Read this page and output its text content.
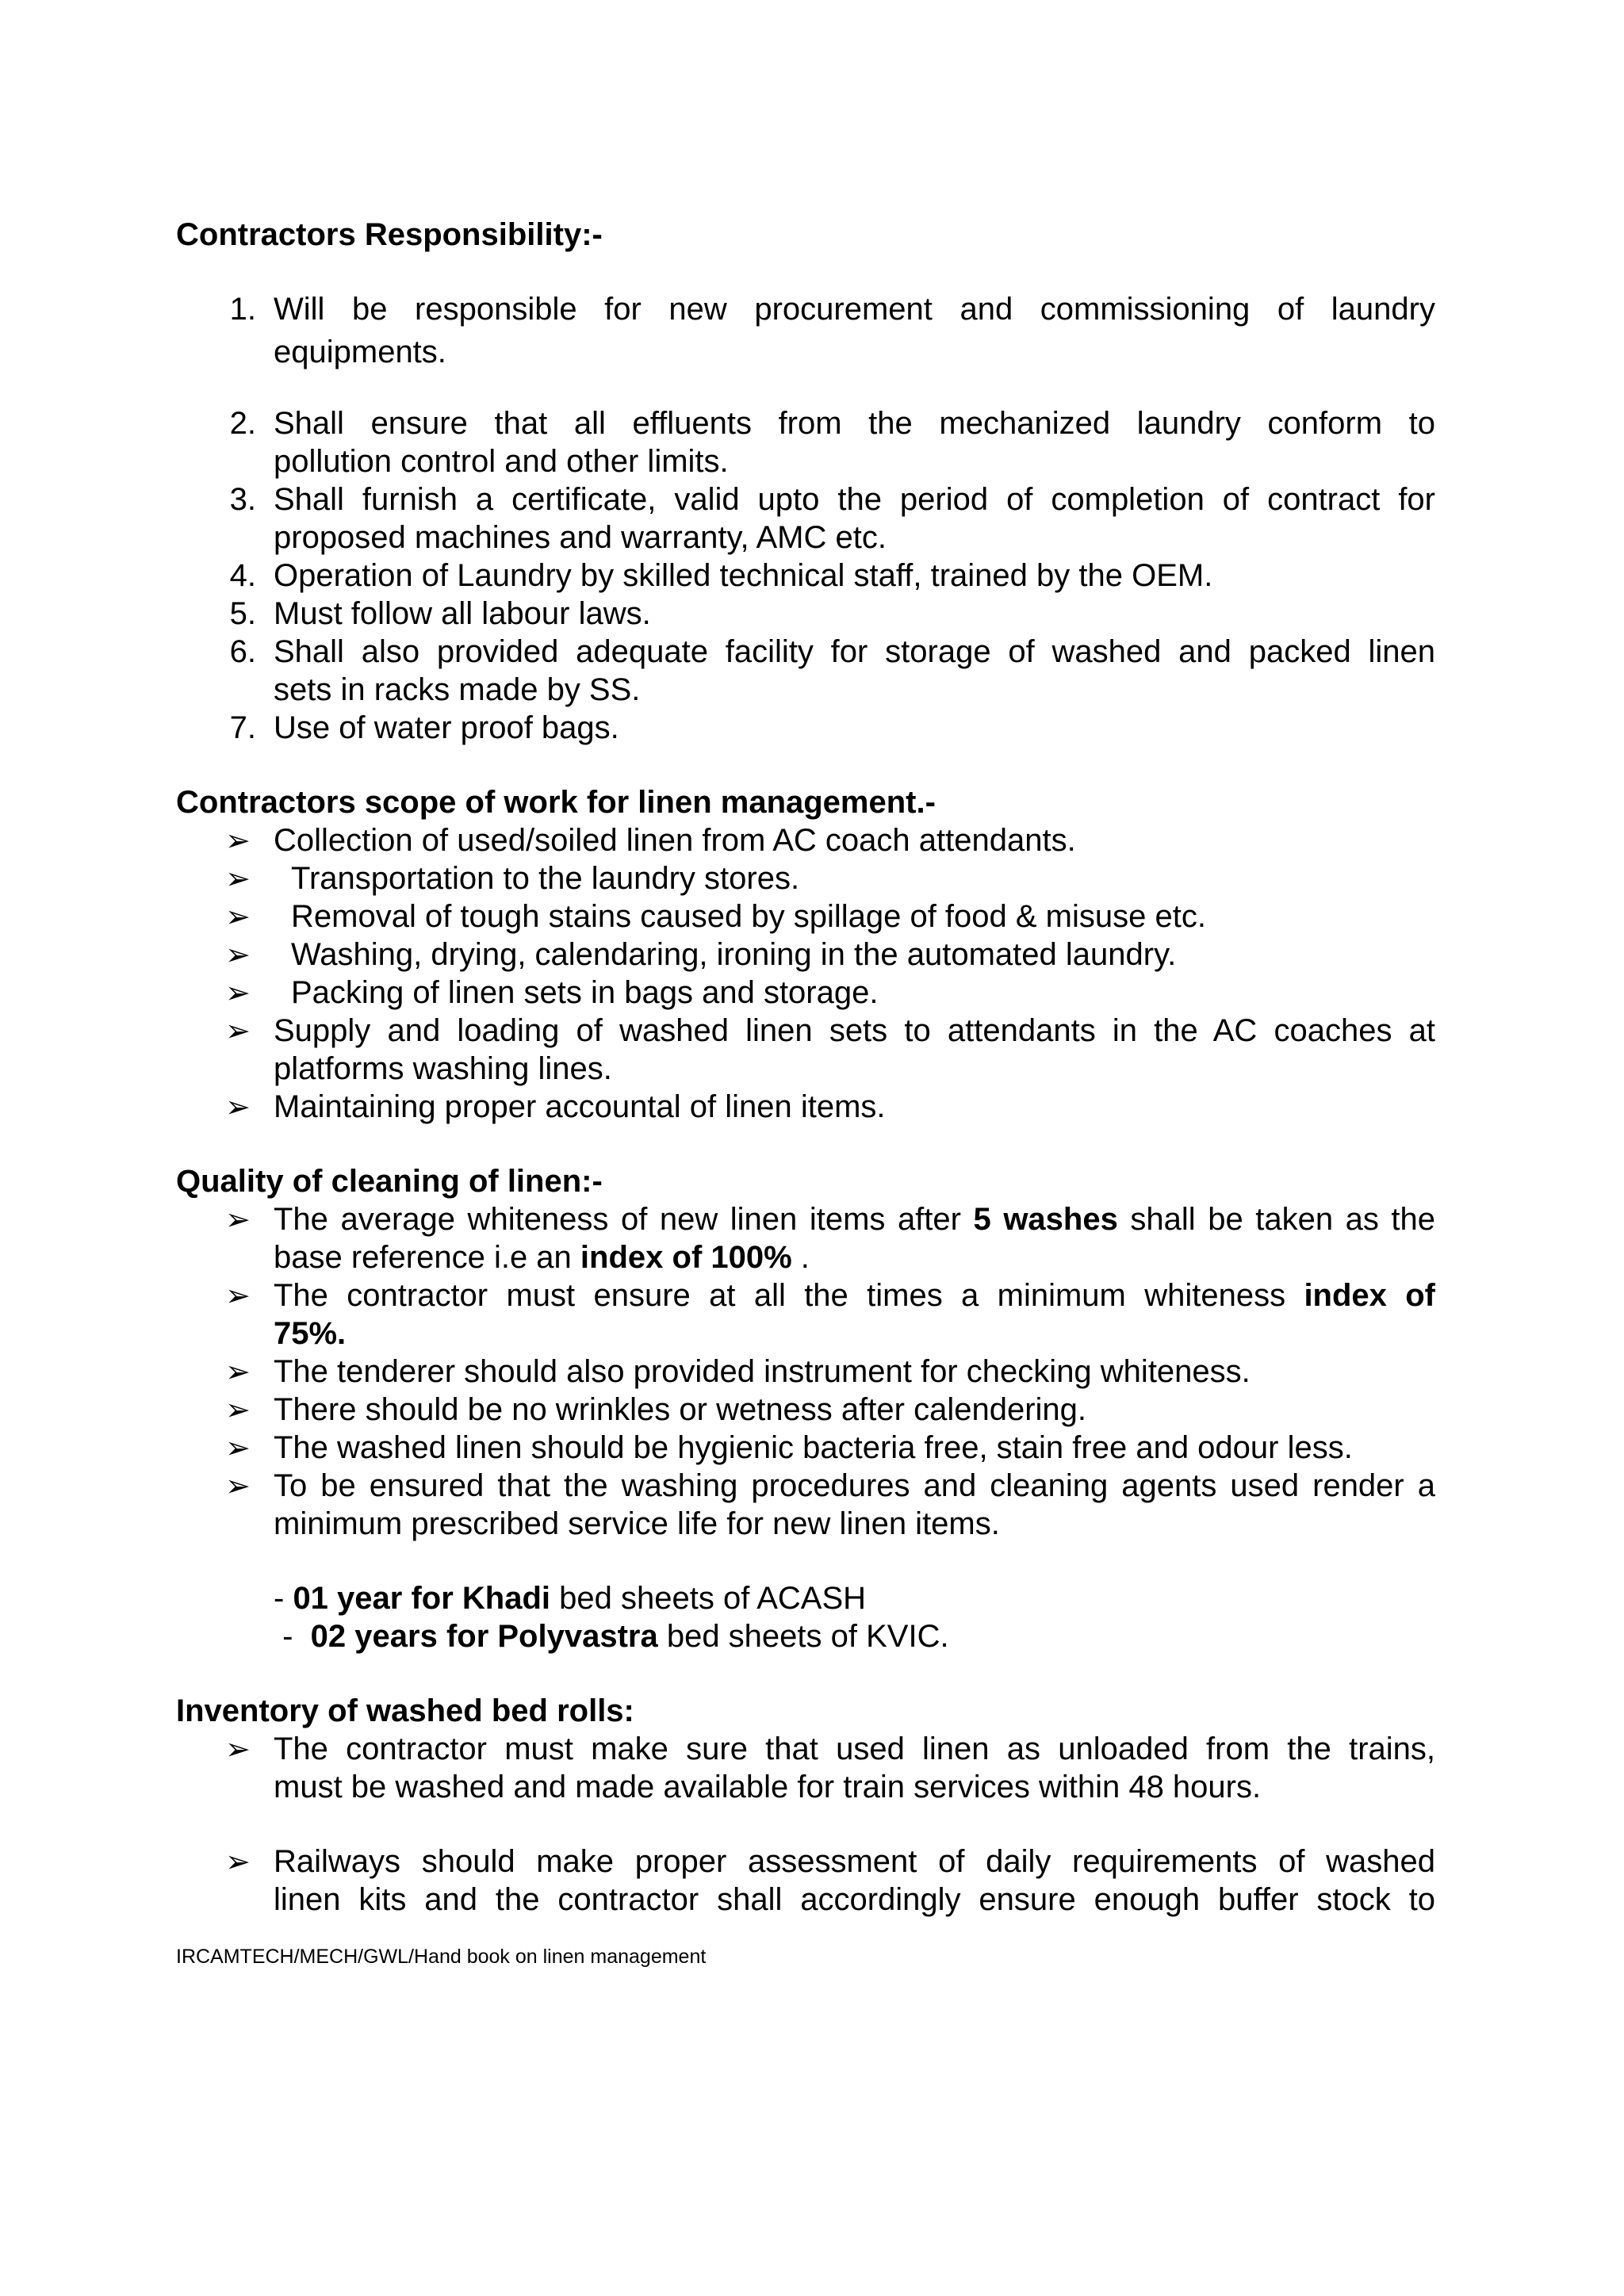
Contractors Responsibility:-
1. Will be responsible for new procurement and commissioning of laundry
equipments.
2. Shall ensure that all effluents from the mechanized laundry conform to
pollution control and other limits.
3. Shall furnish a certificate, valid upto the period of completion of contract for
proposed machines and warranty, AMC etc.
4. Operation of Laundry by skilled technical staff, trained by the OEM.
5. Must follow all labour laws.
6. Shall also provided adequate facility for storage of washed and packed linen
sets in racks made by SS.
7. Use of water proof bags.
Contractors scope of work for linen management.-
➢ Collection of used/soiled linen from AC coach attendants.
➢	Transportation to the laundry stores.
➢	Removal of tough stains caused by spillage of food & misuse etc.
➢	Washing, drying, calendaring, ironing in the automated laundry.
➢	Packing of linen sets in bags and storage.
➢ Supply and loading of washed linen sets to attendants in the AC coaches at
platforms washing lines.
➢ Maintaining proper accountal of linen items.
Quality of cleaning of linen:-
➢ The average whiteness of new linen items after 5 washes shall be taken as the
base reference i.e an index of 100% .
➢ The contractor must ensure at all the times a minimum whiteness index of
75%.
➢ The tenderer should also provided instrument for checking whiteness.
➢ There should be no wrinkles or wetness after calendering.
➢ The washed linen should be hygienic bacteria free, stain free and odour less.
➢ To be ensured that the washing procedures and cleaning agents used render a
minimum prescribed service life for new linen items.
- 01 year for Khadi bed sheets of ACASH
-  02 years for Polyvastra bed sheets of KVIC.
Inventory of washed bed rolls:
➢ The contractor must make sure that used linen as unloaded from the trains,
must be washed and made available for train services within 48 hours.
➢ Railways should make proper assessment of daily requirements of washed
linen kits and the contractor shall accordingly ensure enough buffer stock to
IRCAMTECH/MECH/GWL/Hand book on linen management
